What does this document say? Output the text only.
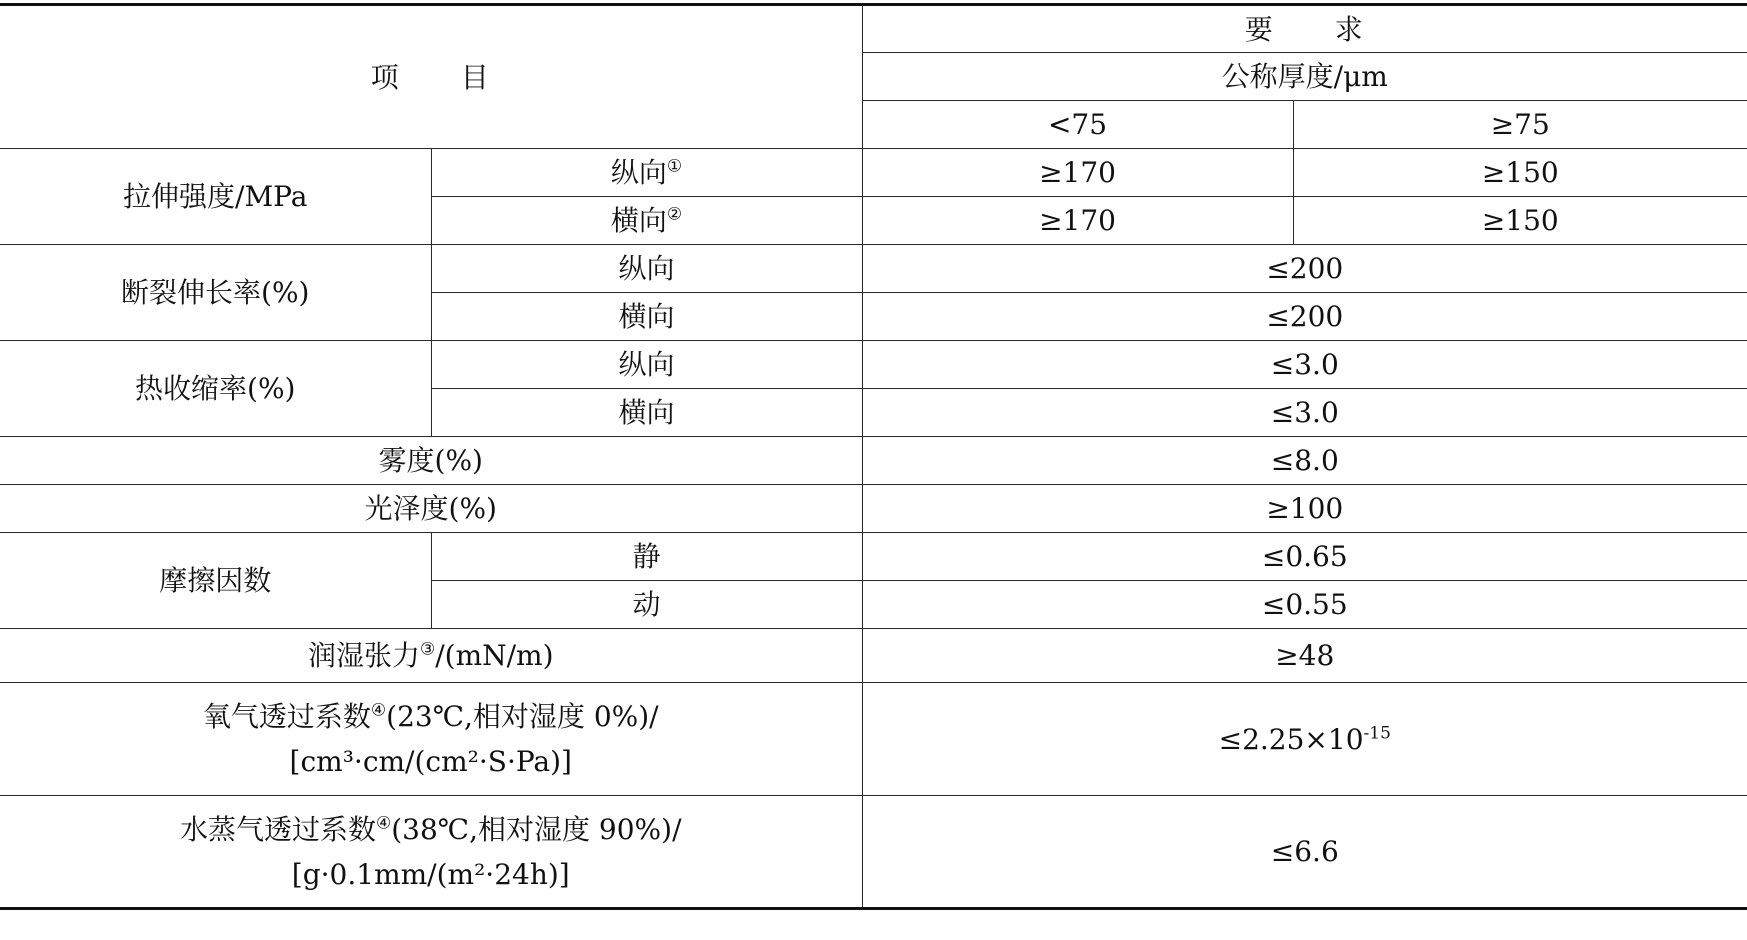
项　　目		要　　求	
		公称厚度/μm	
		<75	≥75
拉伸强度/MPa	纵向①	≥170	≥150
	横向②	≥170	≥150
断裂伸长率(%)	纵向	≤200	
	横向	≤200	
热收缩率(%)	纵向	≤3.0	
	横向	≤3.0	
雾度(%)		≤8.0	
光泽度(%)		≥100	
摩擦因数	静	≤0.65	
	动	≤0.55	
润湿张力③/(mN/m)		≥48	

氧气透过系数④(23℃,相对湿度 0%)/
[cm³·cm/(cm²·S·Pa)]		$\le 2.25\times 10^{-15}$

水蒸气透过系数④(38℃,相对湿度 90%)/
[g·0.1mm/(m²·24h)]		≤6.6	
